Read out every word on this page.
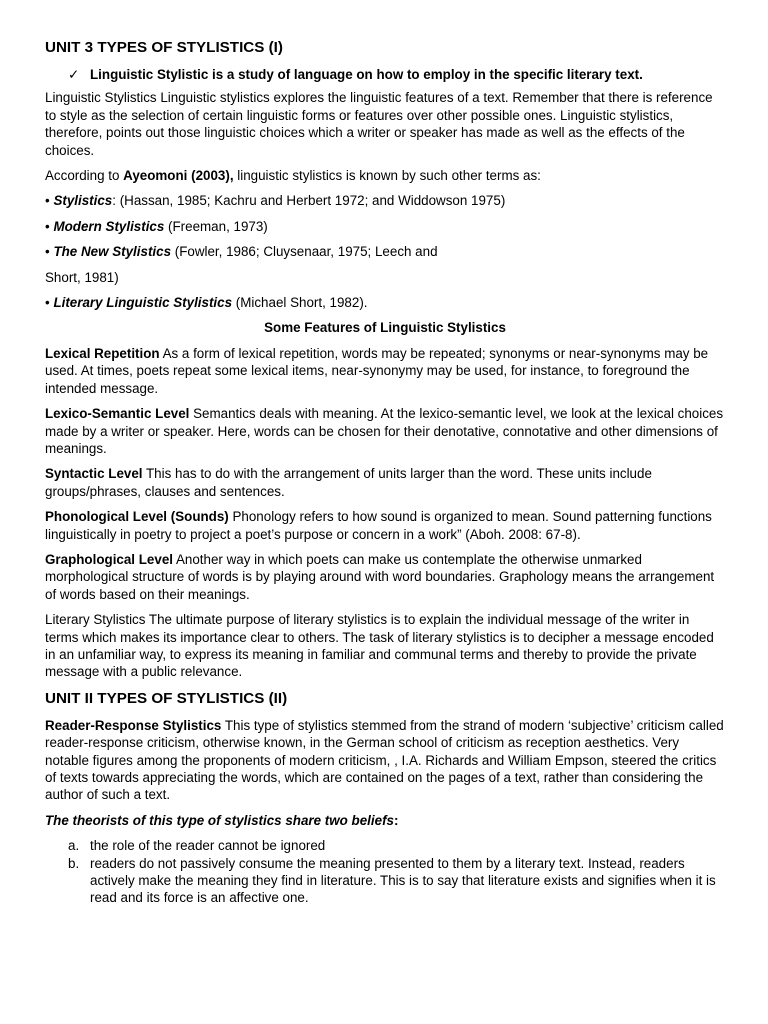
UNIT 3 TYPES OF STYLISTICS (I)
✓ Linguistic Stylistic is a study of language on how to employ in the specific literary text.

Linguistic Stylistics Linguistic stylistics explores the linguistic features of a text. Remember that there is reference to style as the selection of certain linguistic forms or features over other possible ones. Linguistic stylistics, therefore, points out those linguistic choices which a writer or speaker has made as well as the effects of the choices.

According to Ayeomoni (2003), linguistic stylistics is known by such other terms as:

• Stylistics: (Hassan, 1985; Kachru and Herbert 1972; and Widdowson 1975)
• Modern Stylistics (Freeman, 1973)
• The New Stylistics (Fowler, 1986; Cluysenaar, 1975; Leech and

Short, 1981)

• Literary Linguistic Stylistics (Michael Short, 1982).
Some Features of Linguistic Stylistics

Lexical Repetition As a form of lexical repetition, words may be repeated; synonyms or near-synonyms may be used. At times, poets repeat some lexical items, near-synonymy may be used, for instance, to foreground the intended message.

Lexico-Semantic Level Semantics deals with meaning. At the lexico-semantic level, we look at the lexical choices made by a writer or speaker. Here, words can be chosen for their denotative, connotative and other dimensions of meanings.

Syntactic Level This has to do with the arrangement of units larger than the word. These units include groups/phrases, clauses and sentences.

Phonological Level (Sounds) Phonology refers to how sound is organized to mean. Sound patterning functions linguistically in poetry to project a poet’s purpose or concern in a work” (Aboh. 2008: 67-8).

Graphological Level Another way in which poets can make us contemplate the otherwise unmarked morphological structure of words is by playing around with word boundaries. Graphology means the arrangement of words based on their meanings.

Literary Stylistics The ultimate purpose of literary stylistics is to explain the individual message of the writer in terms which makes its importance clear to others. The task of literary stylistics is to decipher a message encoded in an unfamiliar way, to express its meaning in familiar and communal terms and thereby to provide the private message with a public relevance.

UNIT II TYPES OF STYLISTICS (II)

Reader-Response Stylistics This type of stylistics stemmed from the strand of modern ‘subjective’ criticism called reader-response criticism, otherwise known, in the German school of criticism as reception aesthetics. Very notable figures among the proponents of modern criticism, , I.A. Richards and William Empson, steered the critics of texts towards appreciating the words, which are contained on the pages of a text, rather than considering the author of such a text.

The theorists of this type of stylistics share two beliefs:

a. the role of the reader cannot be ignored
b. readers do not passively consume the meaning presented to them by a literary text. Instead, readers actively make the meaning they find in literature. This is to say that literature exists and signifies when it is read and its force is an affective one.
